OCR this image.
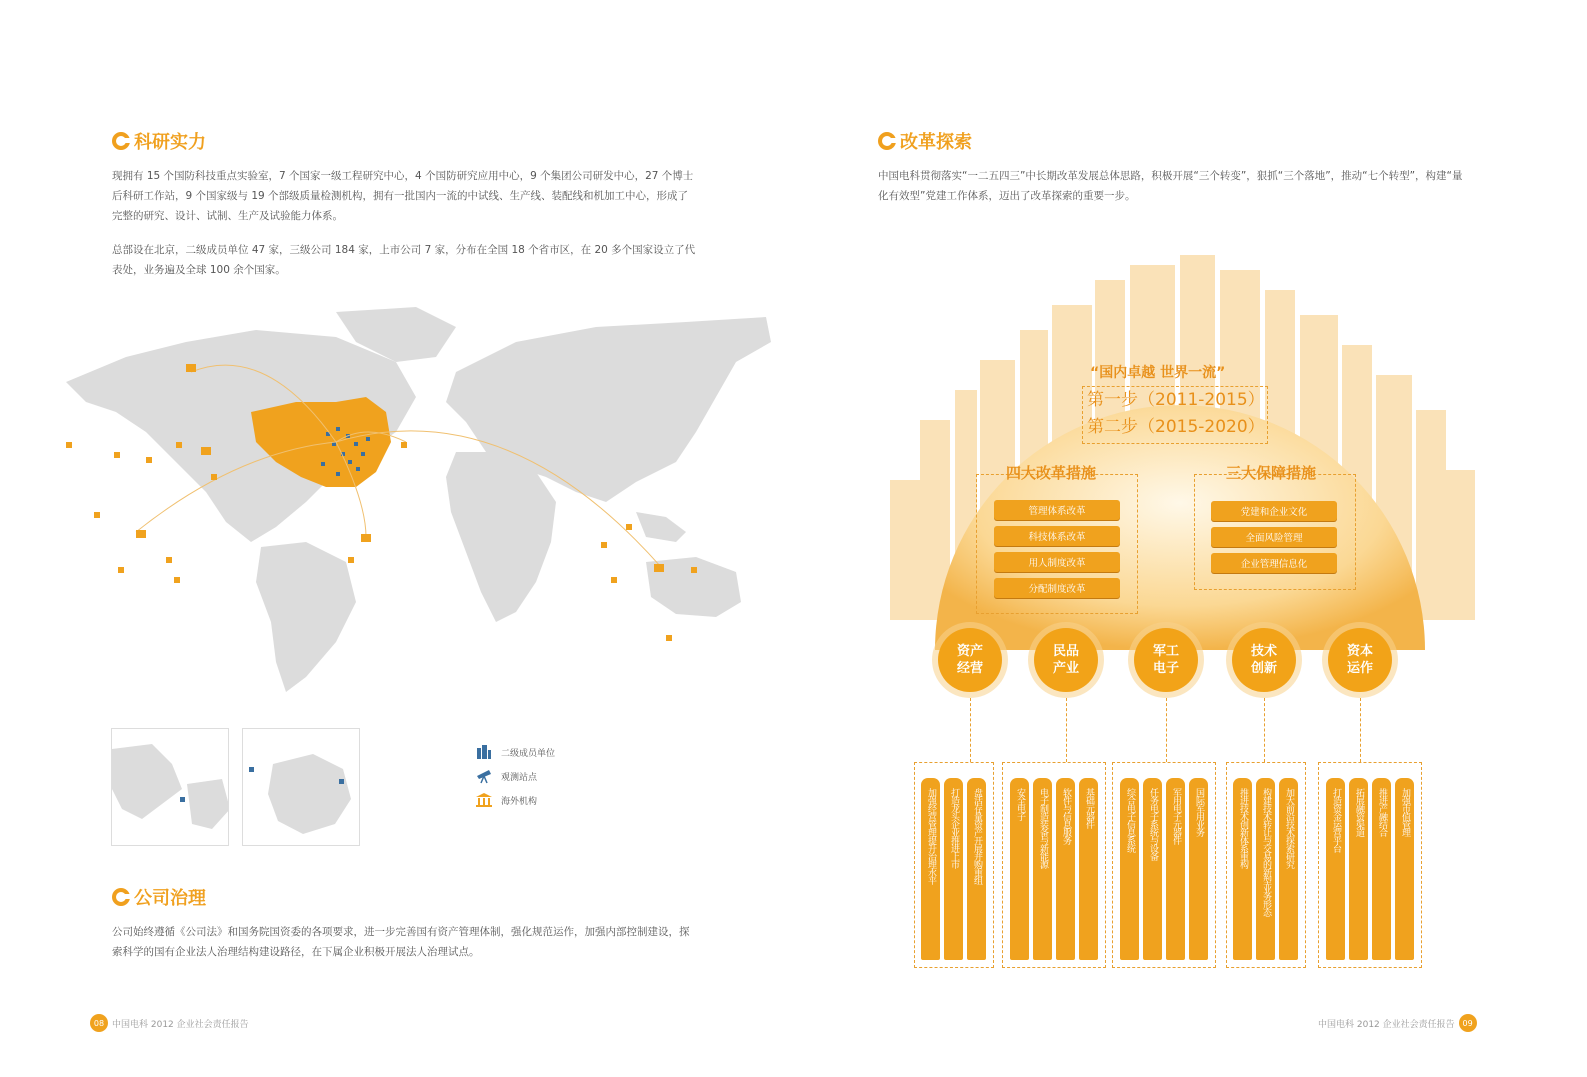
科研实力
现拥有 15 个国防科技重点实验室，7 个国家一级工程研究中心，4 个国防研究应用中心，9 个集团公司研发中心，27 个博士后科研工作站，9 个国家级与 19 个部级质量检测机构，拥有一批国内一流的中试线、生产线、装配线和机加工中心，形成了完整的研究、设计、试制、生产及试验能力体系。
总部设在北京，二级成员单位 47 家，三级公司 184 家，上市公司 7 家，分布在全国 18 个省市区，在 20 多个国家设立了代表处，业务遍及全球 100 余个国家。
二级成员单位
观测站点
海外机构
公司治理
公司始终遵循《公司法》和国务院国资委的各项要求，进一步完善国有资产管理体制，强化规范运作，加强内部控制建设，探索科学的国有企业法人治理结构建设路径，在下属企业积极开展法人治理试点。
08 中国电科 2012 企业社会责任报告
改革探索
中国电科贯彻落实“一二五四三”中长期改革发展总体思路，积极开展“三个转变”，狠抓“三个落地”，推动“七个转型”，构建“量化有效型”党建工作体系，迈出了改革探索的重要一步。
“国内卓越 世界一流”
第一步（2011-2015）
第二步（2015-2020）
四大改革措施
管理体系改革
科技体系改革
用人制度改革
分配制度改革
三大保障措施
党建和企业文化
全面风险管理
企业管理信息化
资产
经营
民品
产业
军工
电子
技术
创新
资本
运作
加强经营管理提升治理水平	打造龙头企业推进上市	盘活存量资产开展并购重组	安全电子	电子制造装备与新能源	软件与信息服务	基础元器件	综合电子信息系统	任务电子系统与设备	军用电子元器件	国际军用业务	推进技术创新体系重构	构建技术转让与交易的新型业务形态	加大前沿技术探索研究	打造资金运营平台	拓展融资渠道	推进产融结合	加强市值管理
中国电科 2012 企业社会责任报告 09
